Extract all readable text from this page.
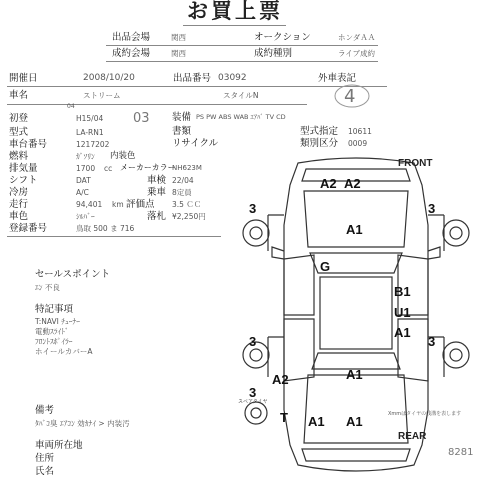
お買上票
出品会場	関西	オークション	ホンダＡＡ
成約会場	関西	成約種別	ライブ成約
開催日	2008/10/20	出品番号 03092	外車表記
車名	ストリーム	スタイルN	4
04
初登	H15/04 03
型式	LA-RN1
車台番号	1217202
燃料	ｶﾞｿﾘﾝ 内装色
排気量	1700 cc メーカーカラー
NH623M
シフト	DAT	車検 22/04
冷房	A/C	乗車 8定員
走行	94,401 km 評価点 3.5 ＣＣ
車色	ｼﾙﾊﾞｰ	落札 ¥2,250円
登録番号	鳥取 500 ま 716
装備 PS PW ABS WAB ｴｱﾊﾞ TV CD
書類	型式指定 10611
リサイクル	類別区分 0009
セールスポイント
ｴﾝ 不良
特記事項
T:NAVI ﾁｭｰﾅｰ
電動ｽﾗｲﾄﾞ
ﾌﾛﾝﾄｽﾎﾟｲﾗｰ
ホイールカバーA
備考
ﾀﾊﾞｺ臭 ｴｱｺﾝ 効ｶﾅｲ > 内装汚
車両所在地
住所
氏名
FRONT
A2 A2
3	3
A1
G
B1
U1
A1
3	3
A1
A2
3
スペアタイヤ
T A1 A1	Xmmはタイヤの残溝を表します
REAR
8281
